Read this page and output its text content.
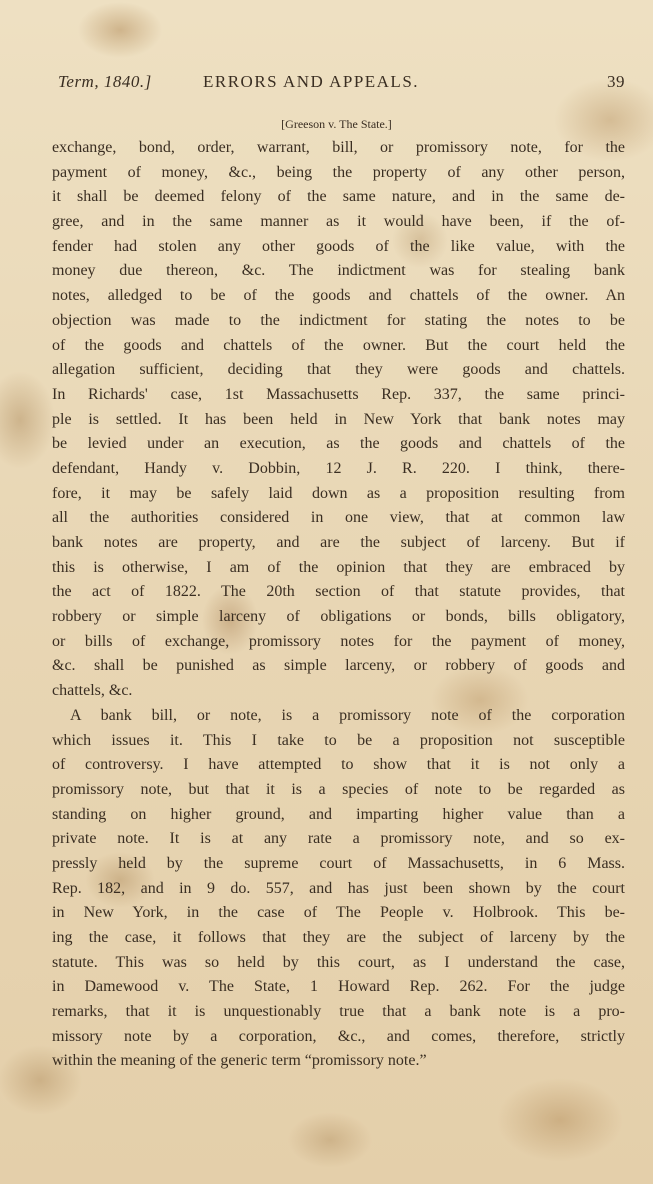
Term, 1840.]	ERRORS AND APPEALS.	39
[Greeson v. The State.]
exchange, bond, order, warrant, bill, or promissory note, for the
payment of money, &c., being the property of any other person,
it shall be deemed felony of the same nature, and in the same de-
gree, and in the same manner as it would have been, if the of-
fender had stolen any other goods of the like value, with the
money due thereon, &c. The indictment was for stealing bank
notes, alledged to be of the goods and chattels of the owner. An
objection was made to the indictment for stating the notes to be
of the goods and chattels of the owner. But the court held the
allegation sufficient, deciding that they were goods and chattels.
In Richards' case, 1st Massachusetts Rep. 337, the same princi-
ple is settled. It has been held in New York that bank notes may
be levied under an execution, as the goods and chattels of the
defendant, Handy v. Dobbin, 12 J. R. 220. I think, there-
fore, it may be safely laid down as a proposition resulting from
all the authorities considered in one view, that at common law
bank notes are property, and are the subject of larceny. But if
this is otherwise, I am of the opinion that they are embraced by
the act of 1822. The 20th section of that statute provides, that
robbery or simple larceny of obligations or bonds, bills obligatory,
or bills of exchange, promissory notes for the payment of money,
&c. shall be punished as simple larceny, or robbery of goods and
chattels, &c.
A bank bill, or note, is a promissory note of the corporation
which issues it. This I take to be a proposition not susceptible
of controversy. I have attempted to show that it is not only a
promissory note, but that it is a species of note to be regarded as
standing on higher ground, and imparting higher value than a
private note. It is at any rate a promissory note, and so ex-
pressly held by the supreme court of Massachusetts, in 6 Mass.
Rep. 182, and in 9 do. 557, and has just been shown by the court
in New York, in the case of The People v. Holbrook. This be-
ing the case, it follows that they are the subject of larceny by the
statute. This was so held by this court, as I understand the case,
in Damewood v. The State, 1 Howard Rep. 262. For the judge
remarks, that it is unquestionably true that a bank note is a pro-
missory note by a corporation, &c., and comes, therefore, strictly
within the meaning of the generic term “promissory note.”
